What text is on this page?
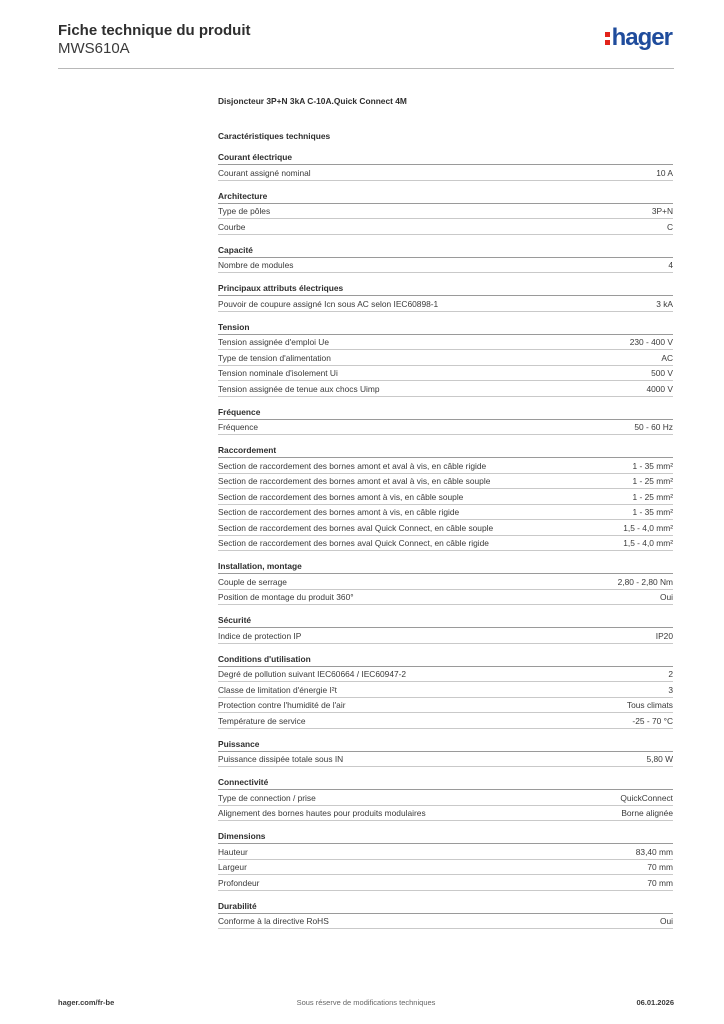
Fiche technique du produit
MWS610A	hager
Disjoncteur 3P+N 3kA C-10A.Quick Connect 4M
Caractéristiques techniques
Courant électrique
Courant assigné nominal	10 A
Architecture
Type de pôles	3P+N
Courbe	C
Capacité
Nombre de modules	4
Principaux attributs électriques
Pouvoir de coupure assigné Icn sous AC selon IEC60898-1	3 kA
Tension
Tension assignée d'emploi Ue	230 - 400 V
Type de tension d'alimentation	AC
Tension nominale d'isolement Ui	500 V
Tension assignée de tenue aux chocs Uimp	4000 V
Fréquence
Fréquence	50 - 60 Hz
Raccordement
Section de raccordement des bornes amont et aval à vis, en câble rigide	1 - 35 mm²
Section de raccordement des bornes amont et aval à vis, en câble souple	1 - 25 mm²
Section de raccordement des bornes amont à vis, en câble souple	1 - 25 mm²
Section de raccordement des bornes amont à vis, en câble rigide	1 - 35 mm²
Section de raccordement des bornes aval Quick Connect, en câble souple	1,5 - 4,0 mm²
Section de raccordement des bornes aval Quick Connect, en câble rigide	1,5 - 4,0 mm²
Installation, montage
Couple de serrage	2,80 - 2,80 Nm
Position de montage du produit 360°	Oui
Sécurité
Indice de protection IP	IP20
Conditions d'utilisation
Degré de pollution suivant IEC60664 / IEC60947-2	2
Classe de limitation d'énergie I²t	3
Protection contre l'humidité de l'air	Tous climats
Température de service	-25 - 70 °C
Puissance
Puissance dissipée totale sous IN	5,80 W
Connectivité
Type de connection / prise	QuickConnect
Alignement des bornes hautes pour produits modulaires	Borne alignée
Dimensions
Hauteur	83,40 mm
Largeur	70 mm
Profondeur	70 mm
Durabilité
Conforme à la directive RoHS	Oui
hager.com/fr-be	Sous réserve de modifications techniques	06.01.2026
